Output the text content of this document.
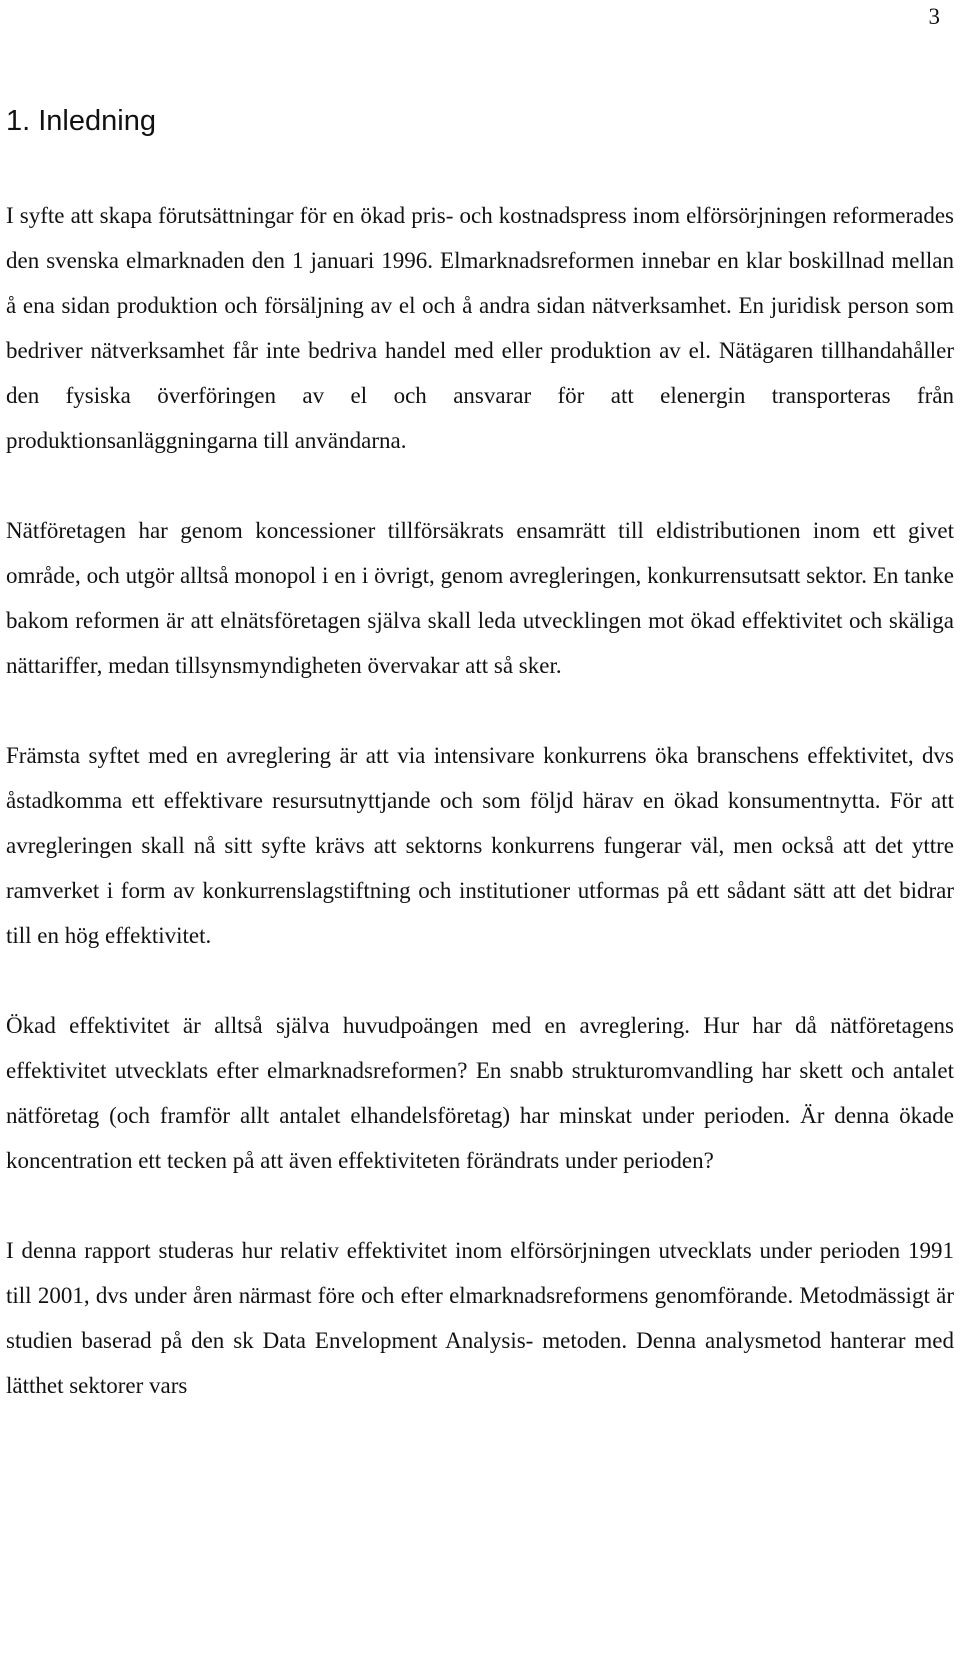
3
1. Inledning

I syfte att skapa förutsättningar för en ökad pris- och kostnadspress inom elförsörjningen reformerades den svenska elmarknaden den 1 januari 1996. Elmarknadsreformen innebar en klar boskillnad mellan å ena sidan produktion och försäljning av el och å andra sidan nätverksamhet. En juridisk person som bedriver nätverksamhet får inte bedriva handel med eller produktion av el. Nätägaren tillhandahåller den fysiska överföringen av el och ansvarar för att elenergin transporteras från produktionsanläggningarna till användarna.

Nätföretagen har genom koncessioner tillförsäkrats ensamrätt till eldistributionen inom ett givet område, och utgör alltså monopol i en i övrigt, genom avregleringen, konkurrensutsatt sektor. En tanke bakom reformen är att elnätsföretagen själva skall leda utvecklingen mot ökad effektivitet och skäliga nättariffer, medan tillsynsmyndigheten övervakar att så sker.

Främsta syftet med en avreglering är att via intensivare konkurrens öka branschens effektivitet, dvs åstadkomma ett effektivare resursutnyttjande och som följd härav en ökad konsumentnytta. För att avregleringen skall nå sitt syfte krävs att sektorns konkurrens fungerar väl, men också att det yttre ramverket i form av konkurrenslagstiftning och institutioner utformas på ett sådant sätt att det bidrar till en hög effektivitet.

Ökad effektivitet är alltså själva huvudpoängen med en avreglering. Hur har då nätföretagens effektivitet utvecklats efter elmarknadsreformen? En snabb strukturomvandling har skett och antalet nätföretag (och framför allt antalet elhandelsföretag) har minskat under perioden. Är denna ökade koncentration ett tecken på att även effektiviteten förändrats under perioden?

I denna rapport studeras hur relativ effektivitet inom elförsörjningen utvecklats under perioden 1991 till 2001, dvs under åren närmast före och efter elmarknadsreformens genomförande. Metodmässigt är studien baserad på den sk Data Envelopment Analysis- metoden. Denna analysmetod hanterar med lätthet sektorer vars
